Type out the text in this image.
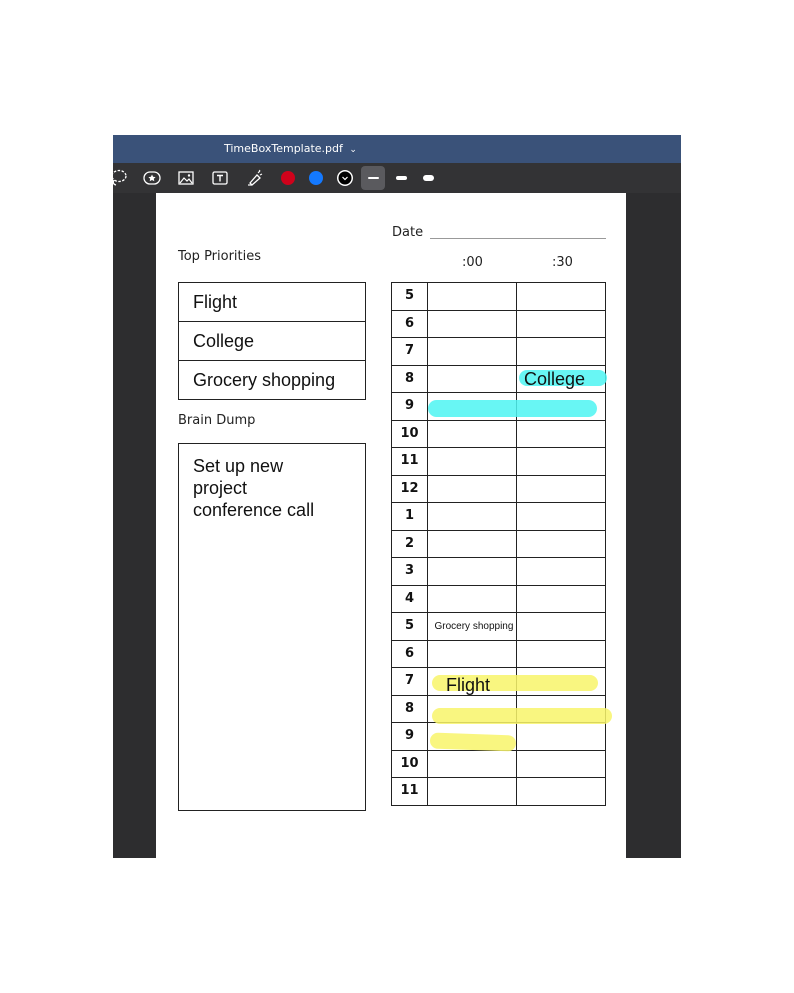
TimeBoxTemplate.pdf ⌄
Date
Top Priorities
Flight
College
Grocery shopping
Brain Dump
Set up new
project
conference call
:00	:30
5
6
7
8
9
10
11
12
1
2
3
4
5	Grocery shopping
6
7
8
9
10
11
College
Flight
